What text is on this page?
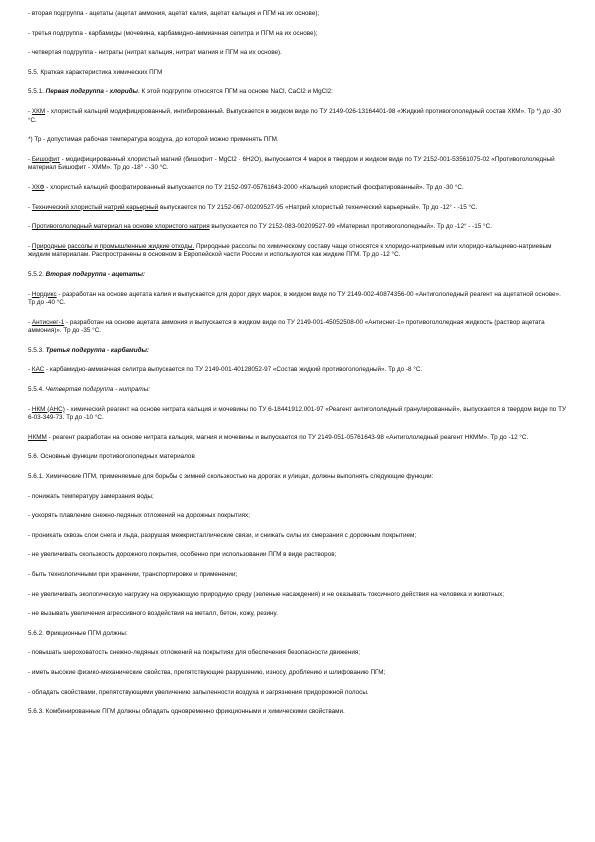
- вторая подгруппа - ацетаты (ацетат аммония, ацетат калия, ацетат кальция и ПГМ на их основе);

- третья подгруппа - карбамиды (мочевина, карбамидно-аммиачная селитра и ПГМ на их основе);

- четвертая подгруппа - нитраты (нитрат кальция, нитрат магния и ПГМ на их основе).

5.5. Краткая характеристика химических ПГМ

5.5.1. Первая подгруппа - хлориды. К этой подгруппе относятся ПГМ на основе NaCl, CaCl2 и MgCl2:

- ХКМ - хлористый кальций модифицированный, ингибированный. Выпускается в жидком виде по ТУ 2149-026-13164401-98 «Жидкий противогололедный состав ХКМ». Тр *) до -30 °С.

*) Тр - допустимая рабочая температура воздуха, до которой можно применять ПГМ.

- Бишофит - модифицированный хлористый магний (бишофит - MgCl2 · 6H2O), выпускается 4 марок в твердом и жидком виде по ТУ 2152-001-53561075-02 «Противогололедный материал Бишофит - ХММ». Тр до -18° - -30 °С.

- ХКФ - хлористый кальций фосфатированный выпускается по ТУ 2152-097-05761643-2000 «Кальций хлористый фосфатированный». Тр до -30 °С.

- Технический хлористый натрий карьерный выпускается по ТУ 2152-067-00209527-95 «Натрий хлористый технический карьерный». Тр до -12° - -15 °С.

- Противогололедный материал на основе хлористого натрия выпускается по ТУ 2152-083-00209527-99 «Материал противогололедный». Тр до -12° - -15 °С.

- Природные рассолы и промышленные жидкие отходы. Природные рассолы по химическому составу чаще относятся к хлоридо-натриевым или хлоридо-кальциево-натриевым жидким материалам. Распространены в основном в Европейской части России и используются как жидкие ПГМ. Тр до -12 °С.

5.5.2. Вторая подгруппа - ацетаты:

- Нордикс - разработан на основе ацетата калия и выпускается для дорог двух марок, в жидком виде по ТУ 2149-002-40874356-00 «Антигололедный реагент на ацетатной основе». Тр до -40 °С.

- Антиснег-1 - разработан на основе ацетата аммония и выпускается в жидком виде по ТУ 2149-001-45052508-00 «Антиснег-1» противогололедная жидкость (раствор ацетата аммония)». Тр до -35 °С.

5.5.3. Третья подгруппа - карбамиды:

- КАС - карбамидно-аммиачная селитра выпускается по ТУ 2149-001-40128052-97 «Состав жидкий противогололедный». Тр до -8 °С.

5.5.4. Четвертая подгруппа - нитраты:

- НКМ (АНС) - химический реагент на основе нитрата кальция и мочевины по ТУ 6-18441912.001-97 «Реагент антигололедный гранулированный», выпускается в твердом виде по ТУ 6-03-349-73. Тр до -10 °С.

НКММ - реагент разработан на основе нитрата кальция, магния и мочевины и выпускается по ТУ 2149-051-05761643-98 «Антигололедный реагент НКММ». Тр до -12 °С.

5.6. Основные функции противогололедных материалов

5.6.1. Химические ПГМ, применяемые для борьбы с зимней скользкостью на дорогах и улицах, должны выполнять следующие функции:

- понижать температуру замерзания воды;

- ускорять плавление снежно-ледяных отложений на дорожных покрытиях;

- проникать сквозь слои снега и льда, разрушая межкристаллические связи, и снижать силы их смерзания с дорожным покрытием;

- не увеличивать скользкость дорожного покрытия, особенно при использовании ПГМ в виде растворов;

- быть технологичными при хранении, транспортировке и применении;

- не увеличивать экологическую нагрузку на окружающую природную среду (зеленые насаждения) и не оказывать токсичного действия на человека и животных;

- не вызывать увеличения агрессивного воздействия на металл, бетон, кожу, резину.

5.6.2. Фрикционные ПГМ должны:

- повышать шероховатость снежно-ледяных отложений на покрытиях для обеспечения безопасности движения;

- иметь высокие физико-механические свойства, препятствующие разрушению, износу, дроблению и шлифованию ПГМ;

- обладать свойствами, препятствующими увеличению запыленности воздуха и загрязнения придорожной полосы.

5.6.3. Комбинированные ПГМ должны обладать одновременно фрикционными и химическими свойствами.
